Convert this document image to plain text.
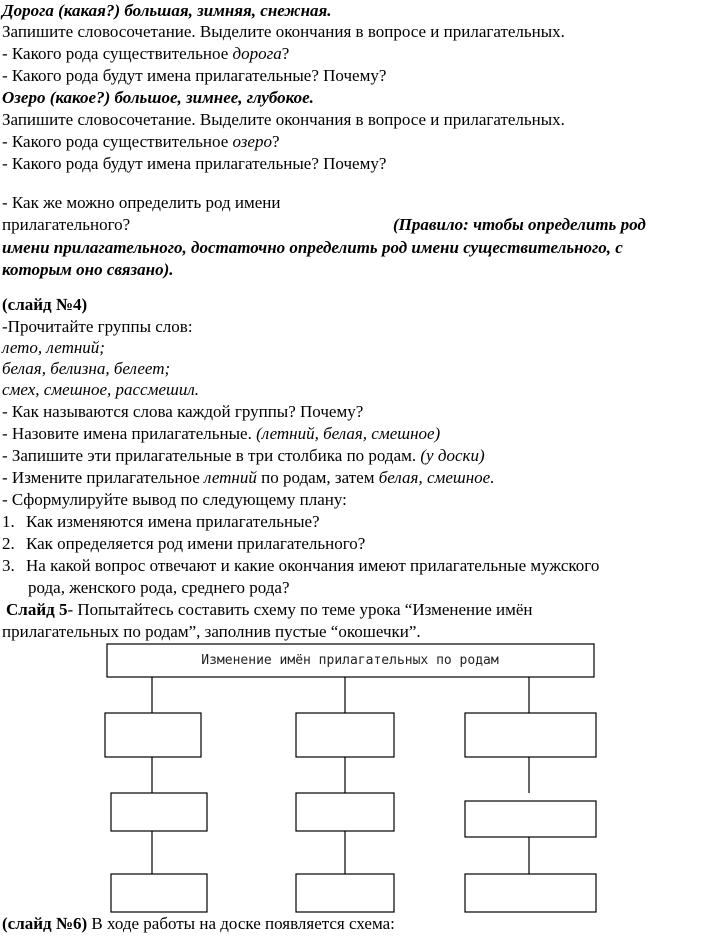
Дорога (какая?) большая, зимняя, снежная.
Запишите словосочетание. Выделите окончания в вопросе и прилагательных.
- Какого рода существительное дорога?
- Какого рода будут имена прилагательные? Почему?
Озеро (какое?) большое, зимнее, глубокое.
Запишите словосочетание. Выделите окончания в вопросе и прилагательных.
- Какого рода существительное озеро?
- Какого рода будут имена прилагательные? Почему?
- Как же можно определить род имени
прилагательного?	(Правило: чтобы определить род
имени прилагательного, достаточно определить род имени существительного, с
которым оно связано).
(слайд №4)
-Прочитайте группы слов:
лето, летний;
белая, белизна, белеет;
смех, смешное, рассмешил.
- Как называются слова каждой группы? Почему?
- Назовите имена прилагательные. (летний, белая, смешное)
- Запишите эти прилагательные в три столбика по родам. (у доски)
- Измените прилагательное летний по родам, затем белая, смешное.
- Сформулируйте вывод по следующему плану:
1. Как изменяются имена прилагательные?
2. Как определяется род имени прилагательного?
3. На какой вопрос отвечают и какие окончания имеют прилагательные мужского
рода, женского рода, среднего рода?
Слайд 5- Попытайтесь составить схему по теме урока “Изменение имён
прилагательных по родам”, заполнив пустые “окошечки”.
Изменение имён прилагательных по родам
(слайд №6) В ходе работы на доске появляется схема:
